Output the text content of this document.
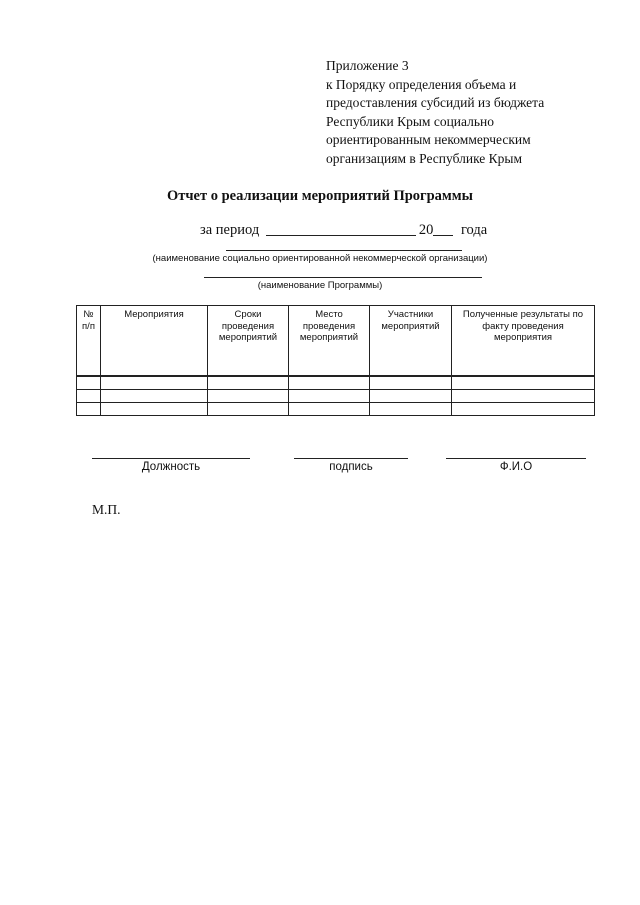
Приложение 3
к Порядку определения объема и
предоставления субсидий из бюджета
Республики Крым социально
ориентированным некоммерческим
организациям в Республике Крым
Отчет о реализации мероприятий Программы
за период	20 года
(наименование социально ориентированной некоммерческой организации)
(наименование Программы)
№ п/п	Мероприятия	Сроки проведения мероприятий	Место проведения мероприятий	Участники мероприятий	Полученные результаты по факту проведения мероприятия

Должность	подпись	Ф.И.О
М.П.
